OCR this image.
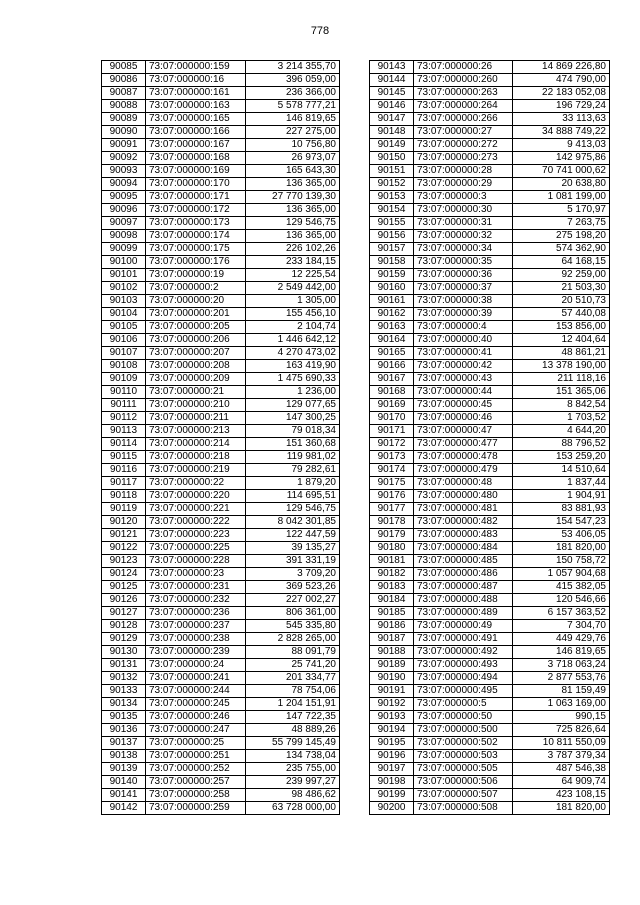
778
90085	73:07:000000:159	3 214 355,70
90086	73:07:000000:16	396 059,00
90087	73:07:000000:161	236 366,00
90088	73:07:000000:163	5 578 777,21
90089	73:07:000000:165	146 819,65
90090	73:07:000000:166	227 275,00
90091	73:07:000000:167	10 756,80
90092	73:07:000000:168	26 973,07
90093	73:07:000000:169	165 643,30
90094	73:07:000000:170	136 365,00
90095	73:07:000000:171	27 770 139,30
90096	73:07:000000:172	136 365,00
90097	73:07:000000:173	129 546,75
90098	73:07:000000:174	136 365,00
90099	73:07:000000:175	226 102,26
90100	73:07:000000:176	233 184,15
90101	73:07:000000:19	12 225,54
90102	73:07:000000:2	2 549 442,00
90103	73:07:000000:20	1 305,00
90104	73:07:000000:201	155 456,10
90105	73:07:000000:205	2 104,74
90106	73:07:000000:206	1 446 642,12
90107	73:07:000000:207	4 270 473,02
90108	73:07:000000:208	163 419,90
90109	73:07:000000:209	1 475 690,33
90110	73:07:000000:21	1 236,00
90111	73:07:000000:210	129 077,65
90112	73:07:000000:211	147 300,25
90113	73:07:000000:213	79 018,34
90114	73:07:000000:214	151 360,68
90115	73:07:000000:218	119 981,02
90116	73:07:000000:219	79 282,61
90117	73:07:000000:22	1 879,20
90118	73:07:000000:220	114 695,51
90119	73:07:000000:221	129 546,75
90120	73:07:000000:222	8 042 301,85
90121	73:07:000000:223	122 447,59
90122	73:07:000000:225	39 135,27
90123	73:07:000000:228	391 331,19
90124	73:07:000000:23	3 709,20
90125	73:07:000000:231	369 523,26
90126	73:07:000000:232	227 002,27
90127	73:07:000000:236	806 361,00
90128	73:07:000000:237	545 335,80
90129	73:07:000000:238	2 828 265,00
90130	73:07:000000:239	88 091,79
90131	73:07:000000:24	25 741,20
90132	73:07:000000:241	201 334,77
90133	73:07:000000:244	78 754,06
90134	73:07:000000:245	1 204 151,91
90135	73:07:000000:246	147 722,35
90136	73:07:000000:247	48 889,26
90137	73:07:000000:25	55 799 145,49
90138	73:07:000000:251	134 738,04
90139	73:07:000000:252	235 755,00
90140	73:07:000000:257	239 997,27
90141	73:07:000000:258	98 486,62
90142	73:07:000000:259	63 728 000,00
90143	73:07:000000:26	14 869 226,80
90144	73:07:000000:260	474 790,00
90145	73:07:000000:263	22 183 052,08
90146	73:07:000000:264	196 729,24
90147	73:07:000000:266	33 113,63
90148	73:07:000000:27	34 888 749,22
90149	73:07:000000:272	9 413,03
90150	73:07:000000:273	142 975,86
90151	73:07:000000:28	70 741 000,62
90152	73:07:000000:29	20 638,80
90153	73:07:000000:3	1 081 199,00
90154	73:07:000000:30	5 170,97
90155	73:07:000000:31	7 263,75
90156	73:07:000000:32	275 198,20
90157	73:07:000000:34	574 362,90
90158	73:07:000000:35	64 168,15
90159	73:07:000000:36	92 259,00
90160	73:07:000000:37	21 503,30
90161	73:07:000000:38	20 510,73
90162	73:07:000000:39	57 440,08
90163	73:07:000000:4	153 856,00
90164	73:07:000000:40	12 404,64
90165	73:07:000000:41	48 861,21
90166	73:07:000000:42	13 378 190,00
90167	73:07:000000:43	211 118,16
90168	73:07:000000:44	151 365,06
90169	73:07:000000:45	8 842,54
90170	73:07:000000:46	1 703,52
90171	73:07:000000:47	4 644,20
90172	73:07:000000:477	88 796,52
90173	73:07:000000:478	153 259,20
90174	73:07:000000:479	14 510,64
90175	73:07:000000:48	1 837,44
90176	73:07:000000:480	1 904,91
90177	73:07:000000:481	83 881,93
90178	73:07:000000:482	154 547,23
90179	73:07:000000:483	53 406,05
90180	73:07:000000:484	181 820,00
90181	73:07:000000:485	150 758,72
90182	73:07:000000:486	1 057 904,68
90183	73:07:000000:487	415 382,05
90184	73:07:000000:488	120 546,66
90185	73:07:000000:489	6 157 363,52
90186	73:07:000000:49	7 304,70
90187	73:07:000000:491	449 429,76
90188	73:07:000000:492	146 819,65
90189	73:07:000000:493	3 718 063,24
90190	73:07:000000:494	2 877 553,76
90191	73:07:000000:495	81 159,49
90192	73:07:000000:5	1 063 169,00
90193	73:07:000000:50	990,15
90194	73:07:000000:500	725 826,64
90195	73:07:000000:502	10 811 550,09
90196	73:07:000000:503	3 787 379,34
90197	73:07:000000:505	487 546,38
90198	73:07:000000:506	64 909,74
90199	73:07:000000:507	423 108,15
90200	73:07:000000:508	181 820,00
